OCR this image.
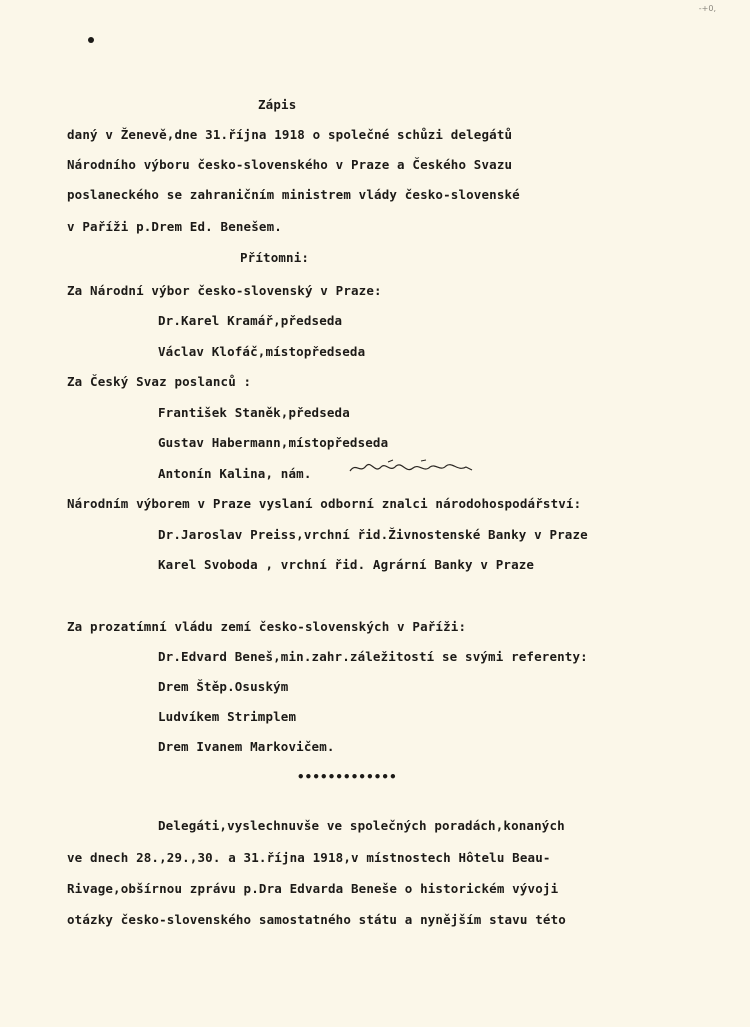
-+0,
Zápis
daný v Ženevě,dne 31.října 1918 o společné schůzi delegátů
Národního výboru česko-slovenského v Praze a Českého Svazu
poslaneckého se zahraničním ministrem vlády česko-slovenské
v Paříži p.Drem Ed. Benešem.
Přítomni:
Za Národní výbor česko-slovenský v Praze:
Dr.Karel Kramář,předseda
Václav Klofáč,místopředseda
Za Český Svaz poslanců :
František Staněk,předseda
Gustav Habermann,místopředseda
Antonín Kalina, nám.
Národním výborem v Praze vyslaní odborní znalci národohospodářství:
Dr.Jaroslav Preiss,vrchní řid.Živnostenské Banky v Praze
Karel Svoboda , vrchní řid. Agrární Banky v Praze
Za prozatímní vládu zemí česko-slovenských v Paříži:
Dr.Edvard Beneš,min.zahr.záležitostí se svými referenty:
Drem Štěp.Osuským
Ludvíkem Strimplem
Drem Ivanem Markovičem.
•••••••••••••
Delegáti,vyslechnuvše ve společných poradách,konaných
ve dnech 28.,29.,30. a 31.října 1918,v místnostech Hôtelu Beau-
Rivage,obšírnou zprávu p.Dra Edvarda Beneše o historickém vývoji
otázky česko-slovenského samostatného státu a nynějším stavu této
